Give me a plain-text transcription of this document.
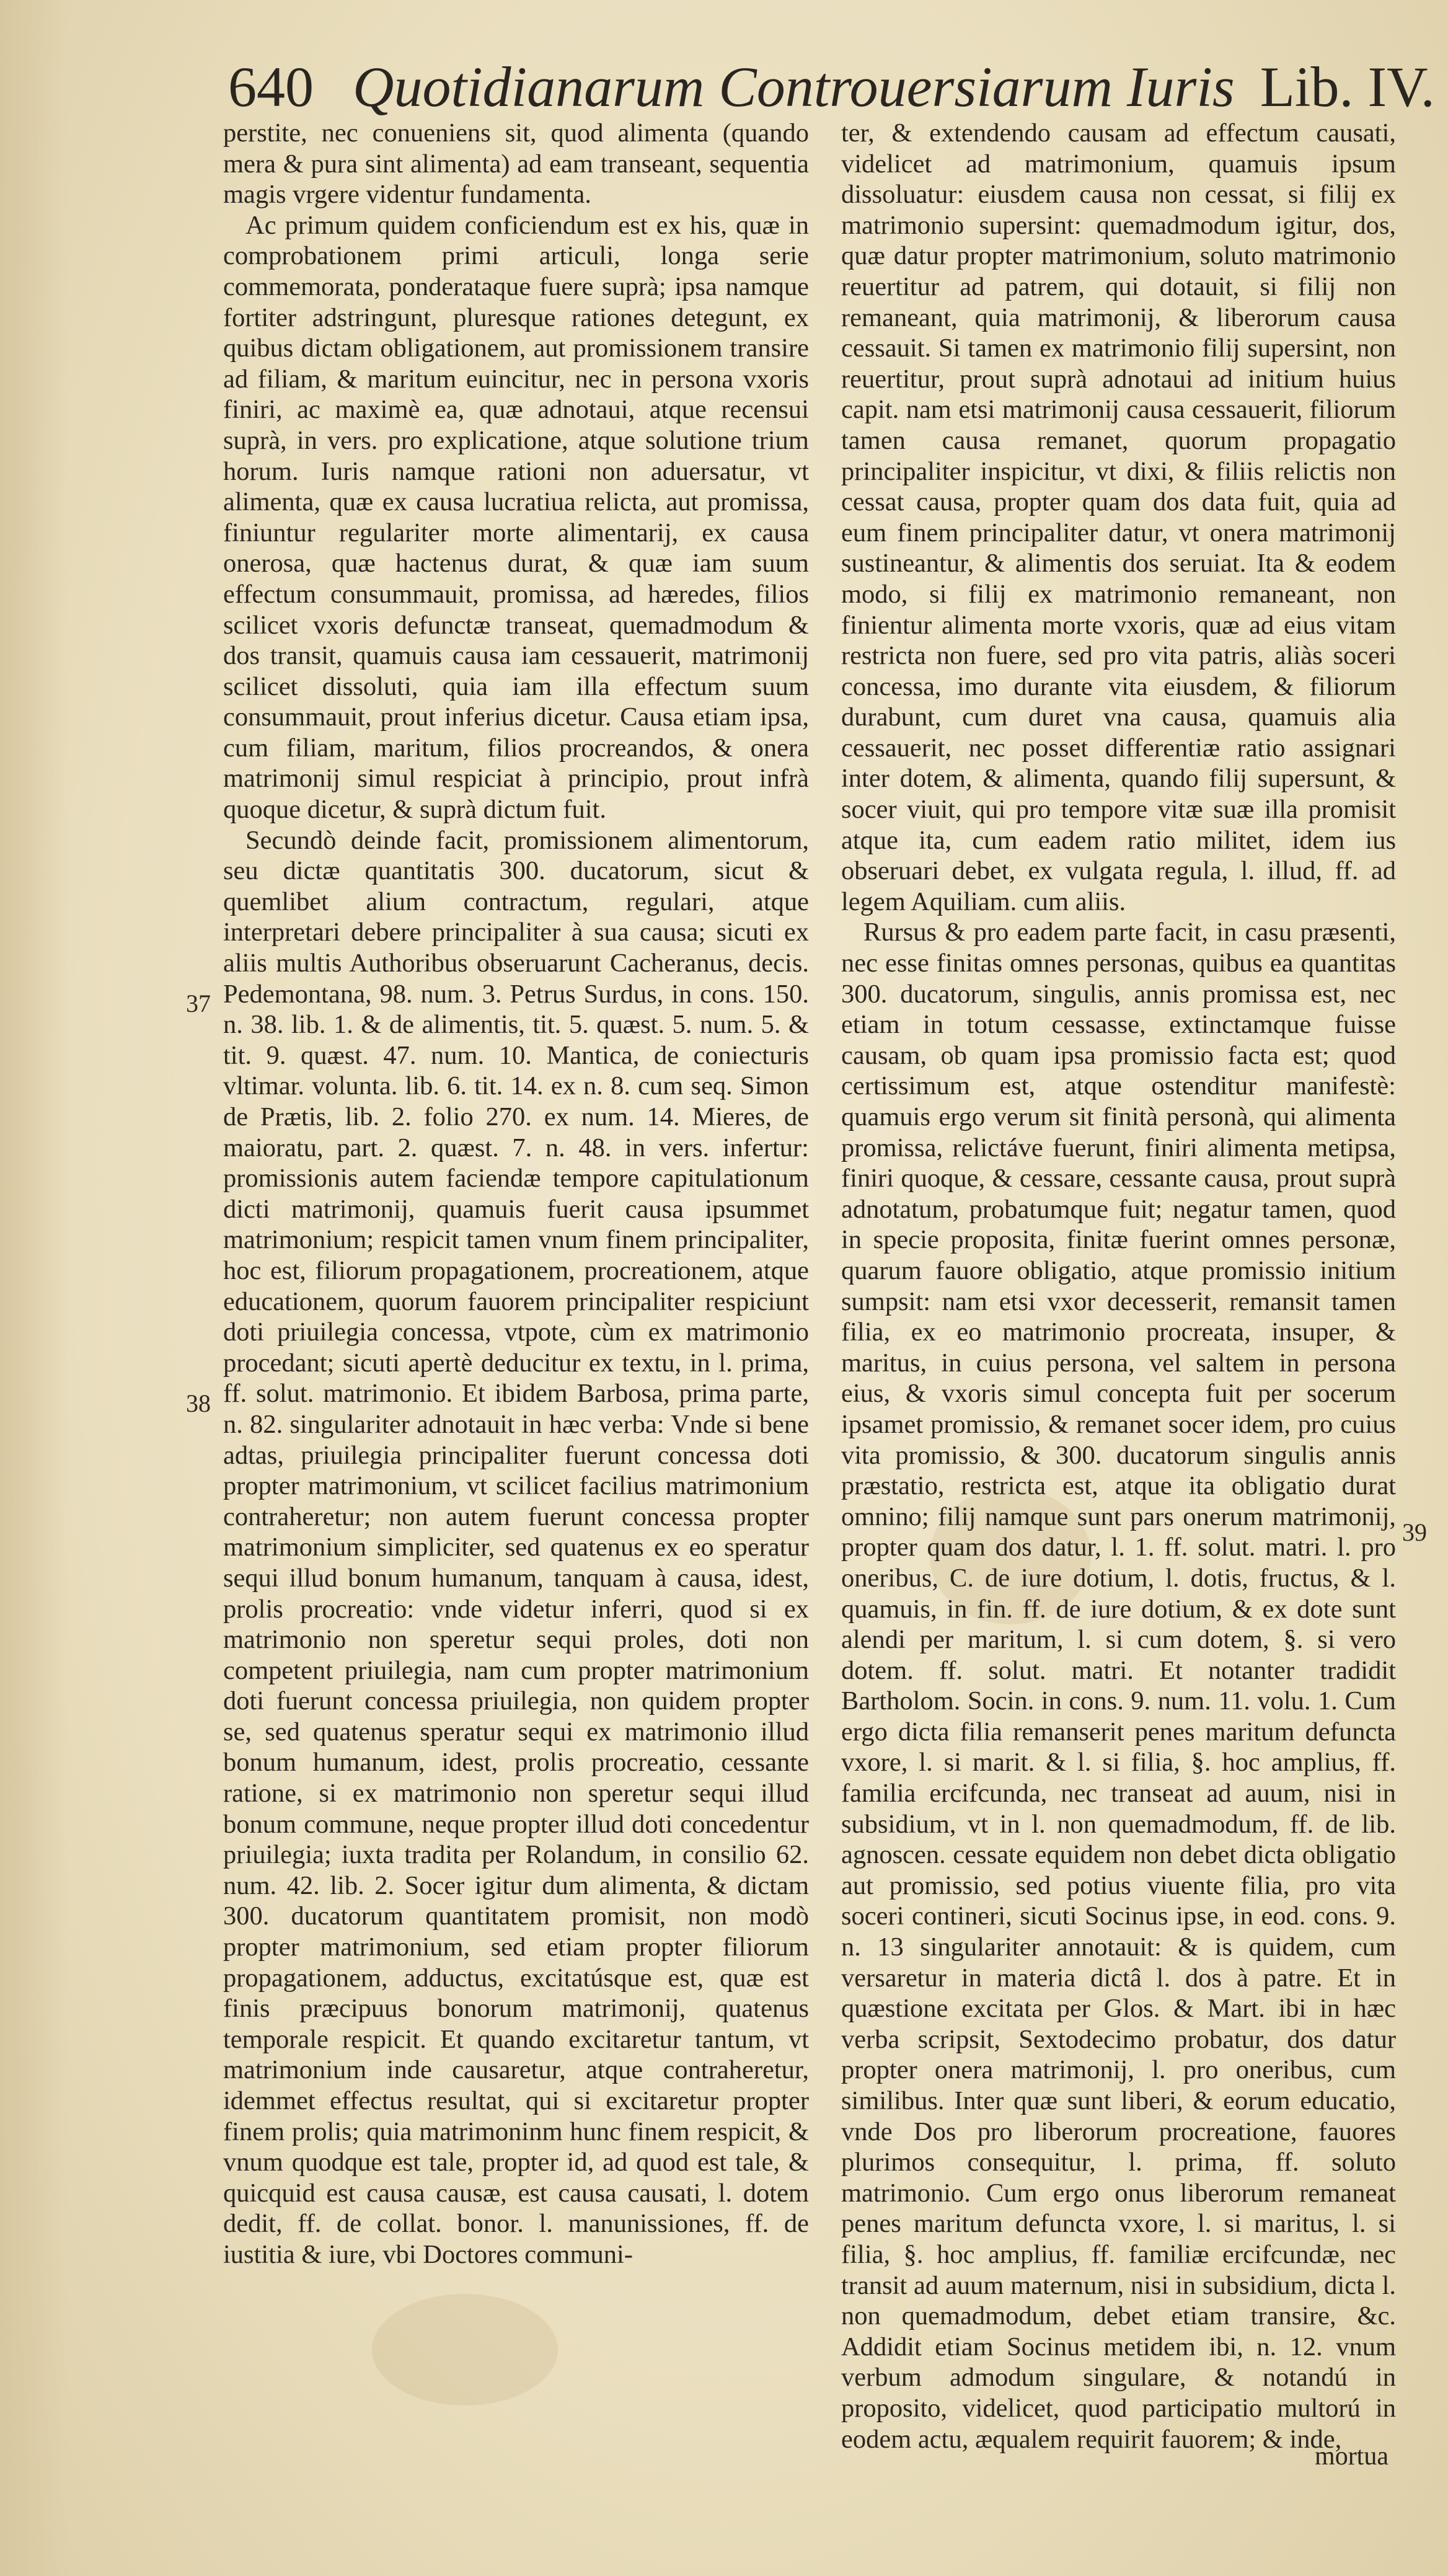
640 Quotidianarum Controuersiarum Iuris Lib. IV.

perstite, nec conueniens sit, quod alimenta (quando mera & pura sint alimenta) ad eam transeant, sequentia magis vrgere videntur fundamenta.

Ac primum quidem conficiendum est ex his, quæ in comprobationem primi articuli, longa serie commemorata, ponderataque fuere suprà; ipsa namque fortiter adstringunt, pluresque rationes detegunt, ex quibus dictam obligationem, aut promissionem transire ad filiam, & maritum euincitur, nec in persona vxoris finiri, ac maximè ea, quæ adnotaui, atque recensui suprà, in vers. pro explicatione, atque solutione trium horum. Iuris namque rationi non aduersatur, vt alimenta, quæ ex causa lucratiua relicta, aut promissa, finiuntur regulariter morte alimentarij, ex causa onerosa, quæ hactenus durat, & quæ iam suum effectum consummauit, promissa, ad hæredes, filios scilicet vxoris defunctæ transeat, quemadmodum & dos transit, quamuis causa iam cessauerit, matrimonij scilicet dissoluti, quia iam illa effectum suum consummauit, prout inferius dicetur. Causa etiam ipsa, cum filiam, maritum, filios procreandos, & onera matrimonij simul respiciat à principio, prout infrà quoque dicetur, & suprà dictum fuit.

Secundò deinde facit, promissionem alimentorum, seu dictæ quantitatis 300. ducatorum, sicut & quemlibet alium contractum, regulari, atque interpretari debere principaliter à sua causa; sicuti ex aliis multis Authoribus obseruarunt Cacheranus, decis. Pedemontana, 98. num. 3. Petrus Surdus, in cons. 150. n. 38. lib. 1. & de alimentis, tit. 5. quæst. 5. num. 5. & tit. 9. quæst. 47. num. 10. Mantica, de coniecturis vltimar. volunta. lib. 6. tit. 14. ex n. 8. cum seq. Simon de Prætis, lib. 2. folio 270. ex num. 14. Mieres, de maioratu, part. 2. quæst. 7. n. 48. in vers. infertur: promissionis autem faciendæ tempore capitulationum dicti matrimonij, quamuis fuerit causa ipsummet matrimonium; respicit tamen vnum finem principaliter, hoc est, filiorum propagationem, procreationem, atque educationem, quorum fauorem principaliter respiciunt doti priuilegia concessa, vtpote, cùm ex matrimonio procedant; sicuti apertè deducitur ex textu, in l. prima, ff. solut. matrimonio. Et ibidem Barbosa, prima parte, n. 82. singulariter adnotauit in hæc verba: Vnde si bene adtas, priuilegia principaliter fuerunt concessa doti propter matrimonium, vt scilicet facilius matrimonium contraheretur; non autem fuerunt concessa propter matrimonium simpliciter, sed quatenus ex eo speratur sequi illud bonum humanum, tanquam à causa, idest, prolis procreatio: vnde videtur inferri, quod si ex matrimonio non speretur sequi proles, doti non competent priuilegia, nam cum propter matrimonium doti fuerunt concessa priuilegia, non quidem propter se, sed quatenus speratur sequi ex matrimonio illud bonum humanum, idest, prolis procreatio, cessante ratione, si ex matrimonio non speretur sequi illud bonum commune, neque propter illud doti concedentur priuilegia; iuxta tradita per Rolandum, in consilio 62. num. 42. lib. 2. Socer igitur dum alimenta, & dictam 300. ducatorum quantitatem promisit, non modò propter matrimonium, sed etiam propter filiorum propagationem, adductus, excitatúsque est, quæ est finis præcipuus bonorum matrimonij, quatenus temporale respicit. Et quando excitaretur tantum, vt matrimonium inde causaretur, atque contraheretur, idemmet effectus resultat, qui si excitaretur propter finem prolis; quia matrimoninm hunc finem respicit, & vnum quodque est tale, propter id, ad quod est tale, & quicquid est causa causæ, est causa causati, l. dotem dedit, ff. de collat. bonor. l. manunissiones, ff. de iustitia & iure, vbi Doctores communi-

ter, & extendendo causam ad effectum causati, videlicet ad matrimonium, quamuis ipsum dissoluatur: eiusdem causa non cessat, si filij ex matrimonio supersint: quemadmodum igitur, dos, quæ datur propter matrimonium, soluto matrimonio reuertitur ad patrem, qui dotauit, si filij non remaneant, quia matrimonij, & liberorum causa cessauit. Si tamen ex matrimonio filij supersint, non reuertitur, prout suprà adnotaui ad initium huius capit. nam etsi matrimonij causa cessauerit, filiorum tamen causa remanet, quorum propagatio principaliter inspicitur, vt dixi, & filiis relictis non cessat causa, propter quam dos data fuit, quia ad eum finem principaliter datur, vt onera matrimonij sustineantur, & alimentis dos seruiat. Ita & eodem modo, si filij ex matrimonio remaneant, non finientur alimenta morte vxoris, quæ ad eius vitam restricta non fuere, sed pro vita patris, aliàs soceri concessa, imo durante vita eiusdem, & filiorum durabunt, cum duret vna causa, quamuis alia cessauerit, nec posset differentiæ ratio assignari inter dotem, & alimenta, quando filij supersunt, & socer viuit, qui pro tempore vitæ suæ illa promisit atque ita, cum eadem ratio militet, idem ius obseruari debet, ex vulgata regula, l. illud, ff. ad legem Aquiliam. cum aliis.

Rursus & pro eadem parte facit, in casu præsenti, nec esse finitas omnes personas, quibus ea quantitas 300. ducatorum, singulis, annis promissa est, nec etiam in totum cessasse, extinctamque fuisse causam, ob quam ipsa promissio facta est; quod certissimum est, atque ostenditur manifestè: quamuis ergo verum sit finità personà, qui alimenta promissa, relictáve fuerunt, finiri alimenta metipsa, finiri quoque, & cessare, cessante causa, prout suprà adnotatum, probatumque fuit; negatur tamen, quod in specie proposita, finitæ fuerint omnes personæ, quarum fauore obligatio, atque promissio initium sumpsit: nam etsi vxor decesserit, remansit tamen filia, ex eo matrimonio procreata, insuper, & maritus, in cuius persona, vel saltem in persona eius, & vxoris simul concepta fuit per socerum ipsamet promissio, & remanet socer idem, pro cuius vita promissio, & 300. ducatorum singulis annis præstatio, restricta est, atque ita obligatio durat omnino; filij namque sunt pars onerum matrimonij, propter quam dos datur, l. 1. ff. solut. matri. l. pro oneribus, C. de iure dotium, l. dotis, fructus, & l. quamuis, in fin. ff. de iure dotium, & ex dote sunt alendi per maritum, l. si cum dotem, §. si vero dotem. ff. solut. matri. Et notanter tradidit Bartholom. Socin. in cons. 9. num. 11. volu. 1. Cum ergo dicta filia remanserit penes maritum defuncta vxore, l. si marit. & l. si filia, §. hoc amplius, ff. familia ercifcunda, nec transeat ad auum, nisi in subsidium, vt in l. non quemadmodum, ff. de lib. agnoscen. cessate equidem non debet dicta obligatio aut promissio, sed potius viuente filia, pro vita soceri contineri, sicuti Socinus ipse, in eod. cons. 9. n. 13 singulariter annotauit: & is quidem, cum versaretur in materia dictâ l. dos à patre. Et in quæstione excitata per Glos. & Mart. ibi in hæc verba scripsit, Sextodecimo probatur, dos datur propter onera matrimonij, l. pro oneribus, cum similibus. Inter quæ sunt liberi, & eorum educatio, vnde Dos pro liberorum procreatione, fauores plurimos consequitur, l. prima, ff. soluto matrimonio. Cum ergo onus liberorum remaneat penes maritum defuncta vxore, l. si maritus, l. si filia, §. hoc amplius, ff. familiæ ercifcundæ, nec transit ad auum maternum, nisi in subsidium, dicta l. non quemadmodum, debet etiam transire, &c. Addidit etiam Socinus metidem ibi, n. 12. vnum verbum admodum singulare, & notandú in proposito, videlicet, quod participatio multorú in eodem actu, æqualem requirit fauorem; & inde,

37
38
39
mortua
